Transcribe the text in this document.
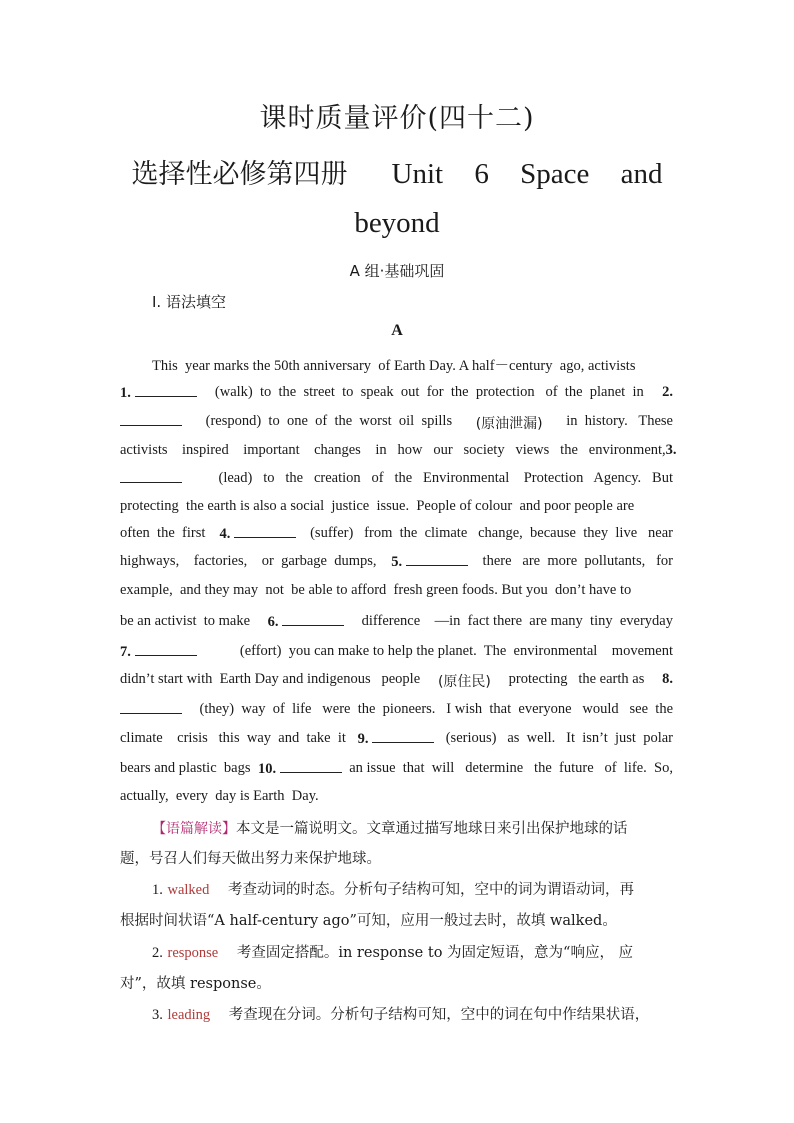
课时质量评价(四十二)
选择性必修第四册 Unit 6 Space and
beyond
A 组·基础巩固
Ⅰ. 语法填空
A
This  year marks the 50th anniversary  of Earth Day. A half－century  ago, activists
1.	(walk)  to  the  street  to  speak  out  for  the  protection   of  the  planet  in 2.
(respond)  to  one  of  the  worst  oil  spills (原油泄漏) in  history.   These
activists    inspired    important    changes    in   how   our   society   views   the   environment, 3.
(lead)   to   the   creation   of   the   Environmental    Protection   Agency.   But
protecting  the earth is also a social  justice  issue.  People of colour  and poor people are
often  the  first 4.	(suffer)   from  the  climate   change,  because  they  live   near
highways,    factories,    or  garbage  dumps, 5.	there   are  more  pollutants,   for
example,  and they may  not  be able to afford  fresh green foods. But you  don’t have to
be an activist  to make 6.	difference    —in  fact there  are many  tiny  everyday
7.	(effort)  you can make to help the planet.  The  environmental    movement
didn’t start with  Earth Day and indigenous   people (原住民) protecting   the earth as 8.
(they)  way  of  life   were  the  pioneers.   I wish  that  everyone   would   see  the
climate    crisis   this  way  and  take  it 9.	(serious)   as  well.   It  isn’t  just  polar
bears and plastic  bags 10.	an issue  that  will   determine   the  future   of  life.  So,
actually,  every  day is Earth  Day.
【语篇解读】本文是一篇说明文。文章通过描写地球日来引出保护地球的话
题，号召人们每天做出努力来保护地球。
1. walked 考查动词的时态。分析句子结构可知，空中的词为谓语动词，再
根据时间状语“A half-century ago”可知，应用一般过去时，故填 walked。
2. response 考查固定搭配。in response to 为固定短语，意为“响应， 应
对”，故填 response。
3. leading 考查现在分词。分析句子结构可知，空中的词在句中作结果状语，
